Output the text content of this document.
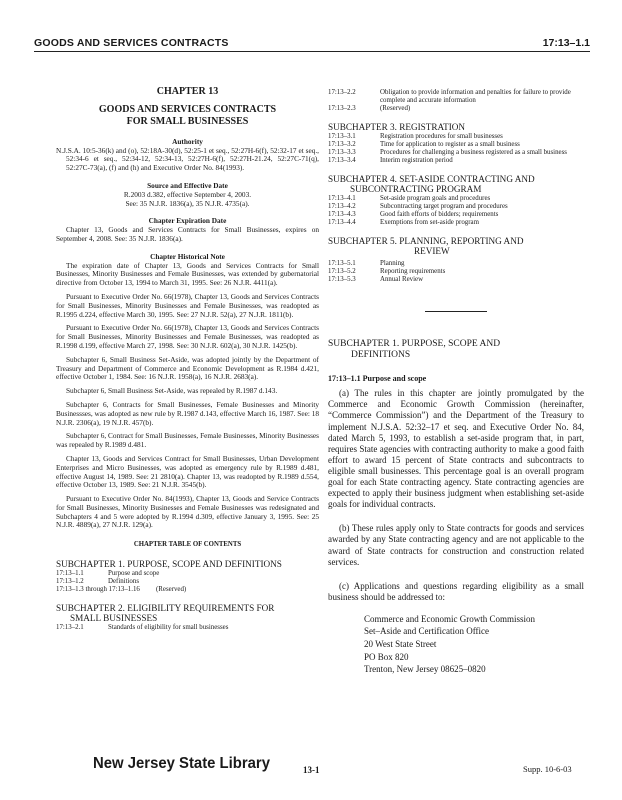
GOODS AND SERVICES CONTRACTS	17:13–1.1
CHAPTER 13
GOODS AND SERVICES CONTRACTS
FOR SMALL BUSINESSES
Authority

N.J.S.A. 10:5-36(k) and (o), 52:18A-30(d), 52:25-1 et seq., 52:27H-6(f), 52:32-17 et seq., 52:34-6 et seq., 52:34-12, 52:34-13, 52:27H-6(f), 52:27H-21.24, 52:27C-71(q), 52:27C-73(a), (f) and (h) and Executive Order No. 84(1993).

Source and Effective Date

R.2003 d.382, effective September 4, 2003.

See: 35 N.J.R. 1836(a), 35 N.J.R. 4735(a).

Chapter Expiration Date

Chapter 13, Goods and Services Contracts for Small Businesses, expires on September 4, 2008. See: 35 N.J.R. 1836(a).

Chapter Historical Note

The expiration date of Chapter 13, Goods and Services Contracts for Small Businesses, Minority Businesses and Female Businesses, was extended by gubernatorial directive from October 13, 1994 to March 31, 1995. See: 26 N.J.R. 4411(a).

Pursuant to Executive Order No. 66(1978), Chapter 13, Goods and Services Contracts for Small Businesses, Minority Businesses and Female Businesses, was readopted as R.1995 d.224, effective March 30, 1995. See: 27 N.J.R. 52(a), 27 N.J.R. 1811(b).

Pursuant to Executive Order No. 66(1978), Chapter 13, Goods and Services Contracts for Small Businesses, Minority Businesses and Female Businesses, was readopted as R.1998 d.199, effective March 27, 1998. See: 30 N.J.R. 602(a), 30 N.J.R. 1425(b).

Subchapter 6, Small Business Set-Aside, was adopted jointly by the Department of Treasury and Department of Commerce and Economic Development as R.1984 d.421, effective October 1, 1984. See: 16 N.J.R. 1958(a), 16 N.J.R. 2683(a).

Subchapter 6, Small Business Set-Aside, was repealed by R.1987 d.143.

Subchapter 6, Contracts for Small Businesses, Female Businesses and Minority Businessses, was adopted as new rule by R.1987 d.143, effective March 16, 1987. See: 18 N.J.R. 2306(a), 19 N.J.R. 457(b).

Subchapter 6, Contract for Small Businesses, Female Businesses, Minority Businesses was repealed by R.1989 d.481.

Chapter 13, Goods and Services Contract for Small Businesses, Urban Development Enterprises and Micro Businesses, was adopted as emergency rule by R.1989 d.481, effective August 14, 1989. See: 21 2810(a). Chapter 13, was readopted by R.1989 d.554, effective October 13, 1989. See: 21 N.J.R. 3545(b).

Pursuant to Executive Order No. 84(1993), Chapter 13, Goods and Service Contracts for Small Businesses, Minority Businesses and Female Businesses was redesignated and Subchapters 4 and 5 were adopted by R.1994 d.309, effective January 3, 1995. See: 25 N.J.R. 4889(a), 27 N.J.R. 129(a).

CHAPTER TABLE OF CONTENTS
SUBCHAPTER 1. PURPOSE, SCOPE AND DEFINITIONS
17:13–1.1	Purpose and scope
17:13–1.2	Definitions
17:13–1.3 through 17:13–1.16	(Reserved)
SUBCHAPTER 2. ELIGIBILITY REQUIREMENTS FOR
SMALL BUSINESSES
17:13–2.1	Standards of eligibility for small businesses
17:13–2.2	Obligation to provide information and penalties for failure to provide complete and accurate information
17:13–2.3	(Reserved)
SUBCHAPTER 3. REGISTRATION
17:13–3.1	Registration procedures for small businesses
17:13–3.2	Time for application to register as a small business
17:13–3.3	Procedures for challenging a business registered as a small business
17:13–3.4	Interim registration period
SUBCHAPTER 4. SET-ASIDE CONTRACTING AND
SUBCONTRACTING PROGRAM
17:13–4.1	Set-aside program goals and procedures
17:13–4.2	Subcontracting target program and procedures
17:13–4.3	Good faith efforts of bidders; requirements
17:13–4.4	Exemptions from set-aside program
SUBCHAPTER 5. PLANNING, REPORTING AND
REVIEW
17:13–5.1	Planning
17:13–5.2	Reporting requirements
17:13–5.3	Annual Review
SUBCHAPTER 1. PURPOSE, SCOPE AND
DEFINITIONS
17:13–1.1 Purpose and scope

(a) The rules in this chapter are jointly promulgated by the Commerce and Economic Growth Commission (hereinafter, “Commerce Commission”) and the Department of the Treasury to implement N.J.S.A. 52:32–17 et seq. and Executive Order No. 84, dated March 5, 1993, to establish a set-aside program that, in part, requires State agencies with contracting authority to make a good faith effort to award 15 percent of State contracts and subcontracts to eligible small businesses. This percentage goal is an overall program goal for each State contracting agency. State contracting agencies are expected to apply their business judgment when establishing set-aside goals for individual contracts.

(b) These rules apply only to State contracts for goods and services awarded by any State contracting agency and are not applicable to the award of State contracts for construction and construction related services.

(c) Applications and questions regarding eligibility as a small business should be addressed to:

Commerce and Economic Growth Commission
Set–Aside and Certification Office
20 West State Street
PO Box 820
Trenton, New Jersey 08625–0820
New Jersey State Library	13-1	Supp. 10-6-03
